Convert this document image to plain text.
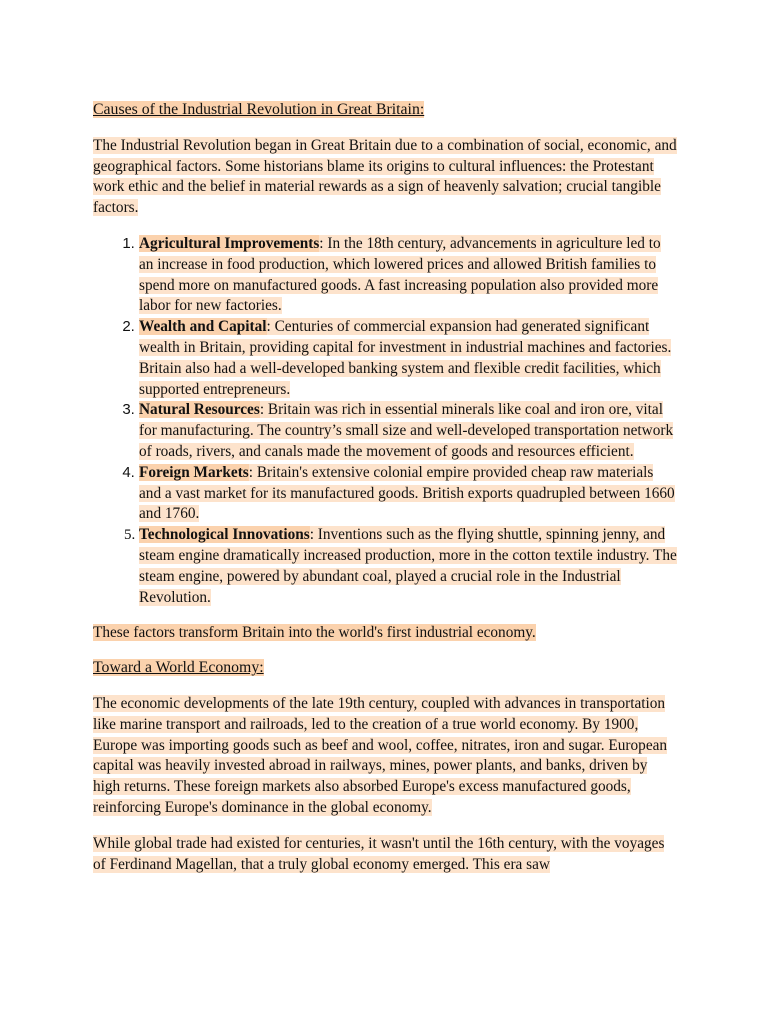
Causes of the Industrial Revolution in Great Britain:

The Industrial Revolution began in Great Britain due to a combination of social, economic, and geographical factors. Some historians blame its origins to cultural influences: the Protestant work ethic and the belief in material rewards as a sign of heavenly salvation; crucial tangible factors.

1. Agricultural Improvements: In the 18th century, advancements in agriculture led to an increase in food production, which lowered prices and allowed British families to spend more on manufactured goods. A fast increasing population also provided more labor for new factories.
2. Wealth and Capital: Centuries of commercial expansion had generated significant wealth in Britain, providing capital for investment in industrial machines and factories. Britain also had a well-developed banking system and flexible credit facilities, which supported entrepreneurs.
3. Natural Resources: Britain was rich in essential minerals like coal and iron ore, vital for manufacturing. The country’s small size and well-developed transportation network of roads, rivers, and canals made the movement of goods and resources efficient.
4. Foreign Markets: Britain's extensive colonial empire provided cheap raw materials and a vast market for its manufactured goods. British exports quadrupled between 1660 and 1760.
5. Technological Innovations: Inventions such as the flying shuttle, spinning jenny, and steam engine dramatically increased production, more in the cotton textile industry. The steam engine, powered by abundant coal, played a crucial role in the Industrial Revolution.

These factors transform Britain into the world's first industrial economy.

Toward a World Economy:

The economic developments of the late 19th century, coupled with advances in transportation like marine transport and railroads, led to the creation of a true world economy. By 1900, Europe was importing goods such as beef and wool, coffee, nitrates, iron and sugar. European capital was heavily invested abroad in railways, mines, power plants, and banks, driven by high returns. These foreign markets also absorbed Europe's excess manufactured goods, reinforcing Europe's dominance in the global economy.

While global trade had existed for centuries, it wasn't until the 16th century, with the voyages of Ferdinand Magellan, that a truly global economy emerged. This era saw
